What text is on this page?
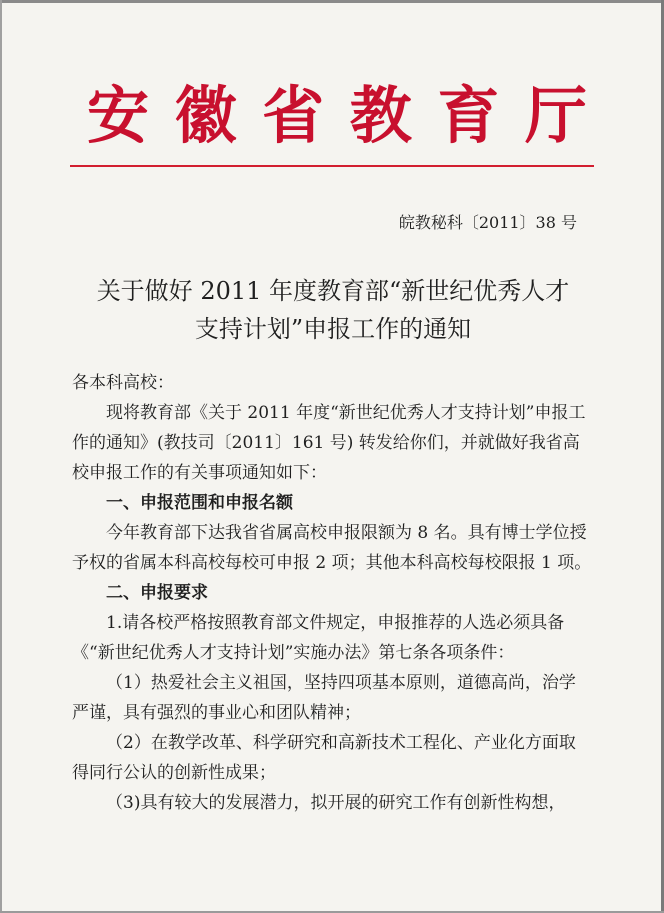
安 徽 省 教 育 厅
皖教秘科〔2011〕38 号
关于做好 2011 年度教育部“新世纪优秀人才
支持计划”申报工作的通知

各本科高校：

现将教育部《关于 2011 年度“新世纪优秀人才支持计划”申报工作的通知》(教技司〔2011〕161 号) 转发给你们，并就做好我省高校申报工作的有关事项通知如下：

一、申报范围和申报名额

今年教育部下达我省省属高校申报限额为 8 名。具有博士学位授予权的省属本科高校每校可申报 2 项；其他本科高校每校限报 1 项。

二、申报要求

1.请各校严格按照教育部文件规定，申报推荐的人选必须具备《“新世纪优秀人才支持计划”实施办法》第七条各项条件：

（1）热爱社会主义祖国，坚持四项基本原则，道德高尚，治学严谨，具有强烈的事业心和团队精神；

（2）在教学改革、科学研究和高新技术工程化、产业化方面取得同行公认的创新性成果；

（3)具有较大的发展潜力，拟开展的研究工作有创新性构想，
